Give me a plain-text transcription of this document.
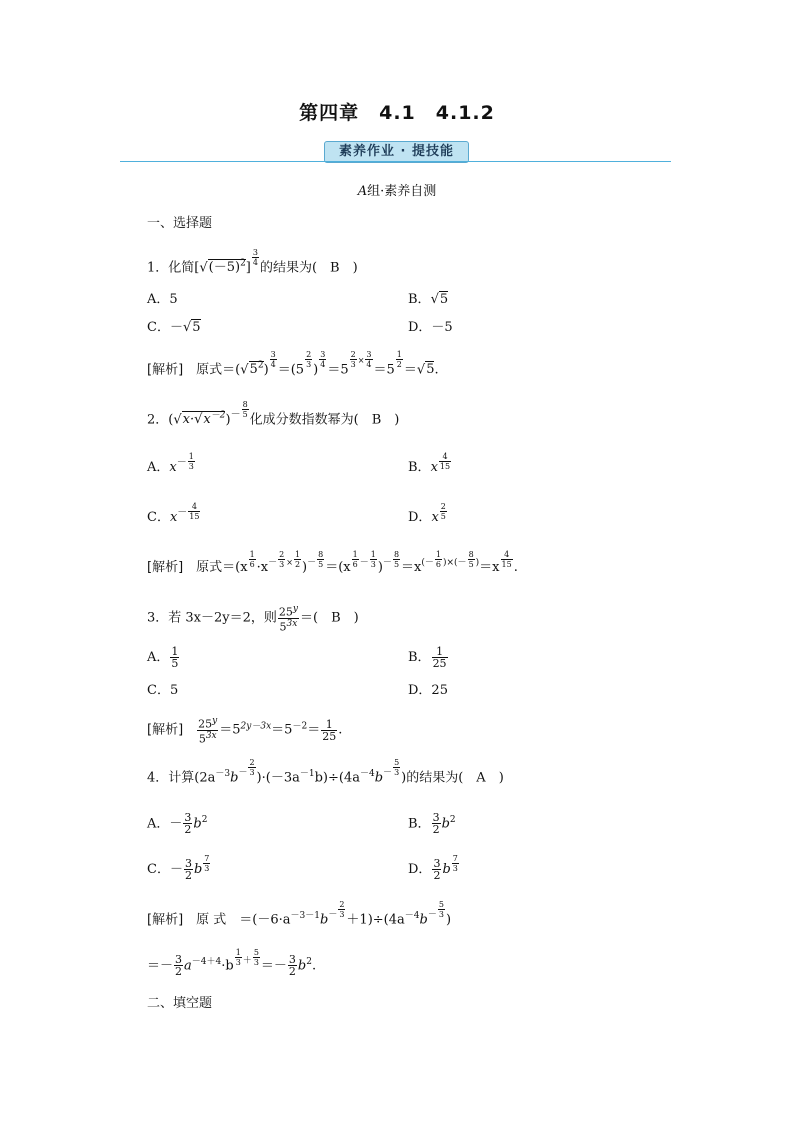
第四章　4.1　4.1.2
素养作业 · 提技能
A组·素养自测
一、选择题
1．化简$[√(-5)^2]$
$\frac{3}{4}$
的结果为(　B　)
A．5	B．√5
C．－√5	D．－5
[解析]　 原式$=(√5^2)$
$\frac{3}{4}$
＝(5
$\frac{2}{3}$
)
$\frac{3}{4}$
＝5
$\frac{2}{3} ^\times \frac{3}{4}$
＝5
$\frac{1}{2}$
＝√5.
2．$(√x\cdot√x^{-2})^- \frac{8}{5}$
化成分数指数幂为(　B　)
A．$x^- \frac{1}{3}$	B．x $\frac{4}{15}$
C．$x^- \frac{4}{15}$	D．x $\frac{2}{5}$
[解析]　 原式$=(x \frac{1}{6} \cdot x^- \frac{2}{3} ^\times \frac{1}{2} )^- \frac{8}{5} =(x \frac{1}{6} ^- \frac{1}{3} )^- \frac{8}{5} =x^{(-} \frac{1}{6} ^{)\times(-} \frac{8}{5} ^)=x \frac{4}{15}$ .
3．若 3x－2y＝2，则 $\frac{25^y}{5^{3x}}$ ＝(　B　)
A． $\frac{1}{5}$	B． $\frac{1}{25}$
C．5	D．25
[解析]　 $\frac{25^y}{5^{3x}} =5^{2y-3x}=5^{-2}= \frac{1}{25}$ .
4．计算($2a^{-3}b^- \frac{2}{3}$
)$\cdot(-3a^{-1}b)\div(4a^{-4}b^- \frac{5}{3}$
)的结果为(　A　)
A．－ $\frac{3}{2} b^2$	B． $\frac{3}{2} b^2$
C．－ $\frac{3}{2}$ b $\frac{7}{3}$	D． $\frac{3}{2}$ b $\frac{7}{3}$
[解析]　 原 式　$=(-6\cdot a^{-3-1}b^- \frac{2}{3}$
$+1)\div(4a^{-4}b^- \frac{5}{3}$
)
＝－ $\frac{3}{2} a^{-4+4}\cdot b \frac{1}{3} ^+ \frac{5}{3} =- \frac{3}{2} b^2$.
二、填空题
